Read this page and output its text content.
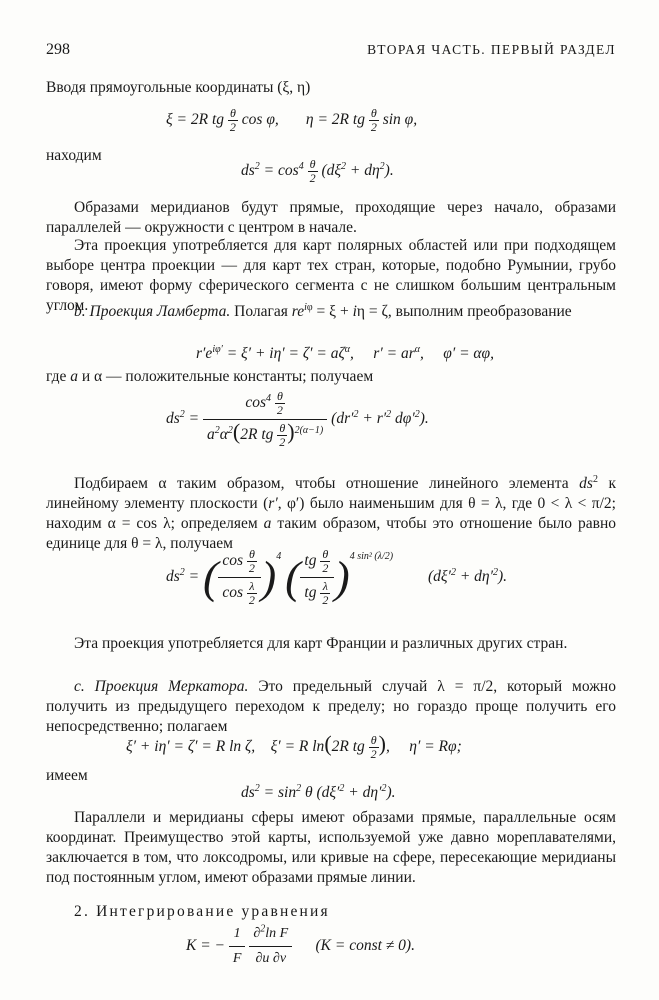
298	ВТОРАЯ ЧАСТЬ. ПЕРВЫЙ РАЗДЕЛ

Вводя прямоугольные координаты (ξ, η)

ξ = 2R tg $\frac{\theta}{2}$ cos φ,       η = 2R tg $\frac{\theta}{2}$ sin φ,

находим

$ds^2 = \cos^4 \frac{\theta}{2} (d\xi^2 + d\eta^2)$.

Образами меридианов будут прямые, проходящие через начало, образами параллелей — окружности с центром в начале.

Эта проекция употребляется для карт полярных областей или при подходящем выборе центра проекции — для карт тех стран, которые, подобно Румынии, грубо говоря, имеют форму сферического сегмента с не слишком большим центральным углом.

b. Проекция Ламберта. Полагая $re^{i\varphi} = \xi + i\eta = \zeta$, выполним преобразование

$r'e^{i\varphi'} = \xi' + i\eta' = \zeta' = a\zeta^\alpha$,     $r' = ar^\alpha$,     φ′ = αφ,

где a и α — положительные константы; получаем

$ds^2 = \frac{\cos^4 \frac{\theta}{2}}{a^2\alpha^2(2R tg \frac{\theta}{2} )^{2(\alpha-1)}} (dr'^2 + r'^2$ $d\varphi'^2$).

Подбираем α таким образом, чтобы отношение линейного элемента $ds^2$ к линейному элементу плоскости (r′, φ′) было наименьшим для θ = λ, где 0 < λ < π/2; находим α = cos λ; определяем a таким образом, чтобы это отношение было равно единице для θ = λ, получаем

$ds^2$ = ( $\frac{\cos \frac{\theta}{2}}{\cos \frac{\lambda}{2}} )^4$ ( $\frac{tg \frac{\theta}{2}}{tg \frac{\lambda}{2}} )^{4 sin^2 (\lambda/2)}$         $(d\xi'^2 + d\eta'^2)$.

Эта проекция употребляется для карт Франции и различных других стран.

c. Проекция Меркатора. Это предельный случай λ = π/2, который можно получить из предыдущего переходом к пределу; но гораздо проще получить его непосредственно; полагаем

ξ′ + iη′ = ζ′ = R ln ζ,    ξ′ = R ln(2R tg $\frac{\theta}{2}$ ),     η′ = Rφ;

имеем

$ds^2 = \sin^2 \theta$ $(d\xi'^2 + d\eta'^2)$.

Параллели и меридианы сферы имеют образами прямые, параллельные осям координат. Преимущество этой карты, используемой уже давно мореплавателями, заключается в том, что локсодромы, или кривые на сфере, пересекающие меридианы под постоянным углом, имеют образами прямые линии.

2. Интегрирование уравнения

K = − $\frac{1}{F}$
$\frac{\partial^2\ln F}{\partial u \partial v} (K$ = const ≠ 0).
